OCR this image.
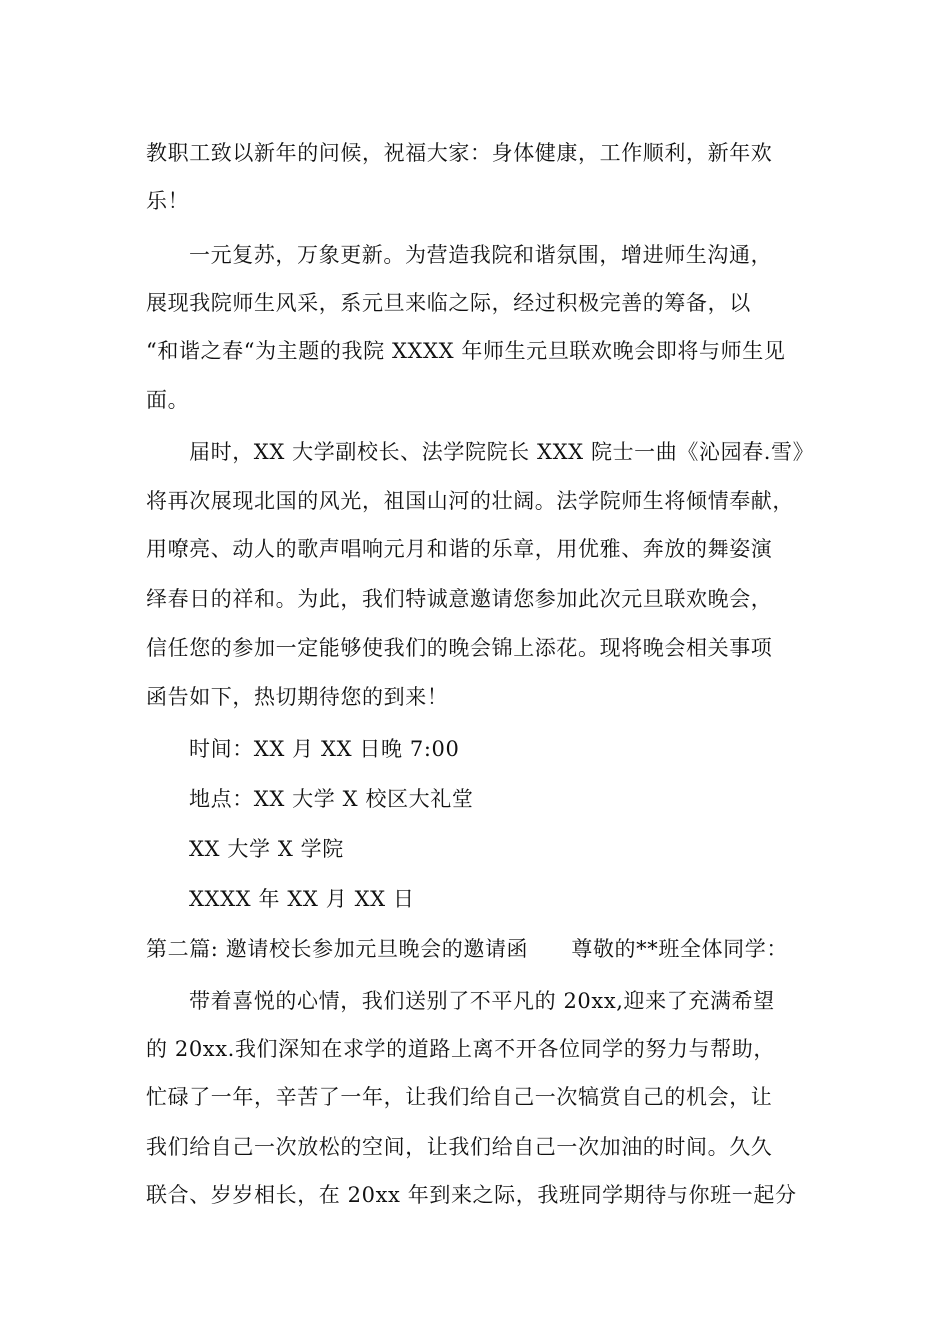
教职工致以新年的问候，祝福大家：身体健康，工作顺利，新年欢
乐！
一元复苏，万象更新。为营造我院和谐氛围，增进师生沟通，
展现我院师生风采，系元旦来临之际，经过积极完善的筹备，以
“和谐之春“为主题的我院 XXXX 年师生元旦联欢晚会即将与师生见
面。
届时，XX 大学副校长、法学院院长 XXX 院士一曲《沁园春.雪》
将再次展现北国的风光，祖国山河的壮阔。法学院师生将倾情奉献，
用嘹亮、动人的歌声唱响元月和谐的乐章，用优雅、奔放的舞姿演
绎春日的祥和。为此，我们特诚意邀请您参加此次元旦联欢晚会，
信任您的参加一定能够使我们的晚会锦上添花。现将晚会相关事项
函告如下，热切期待您的到来！
时间：XX 月 XX 日晚 7:00
地点：XX 大学 X 校区大礼堂
XX 大学 X 学院
XXXX 年 XX 月 XX 日
第二篇: 邀请校长参加元旦晚会的邀请函　　尊敬的**班全体同学：
带着喜悦的心情，我们送别了不平凡的 20xx,迎来了充满希望
的 20xx.我们深知在求学的道路上离不开各位同学的努力与帮助，
忙碌了一年，辛苦了一年，让我们给自己一次犒赏自己的机会，让
我们给自己一次放松的空间，让我们给自己一次加油的时间。久久
联合、岁岁相长，在 20xx 年到来之际，我班同学期待与你班一起分
